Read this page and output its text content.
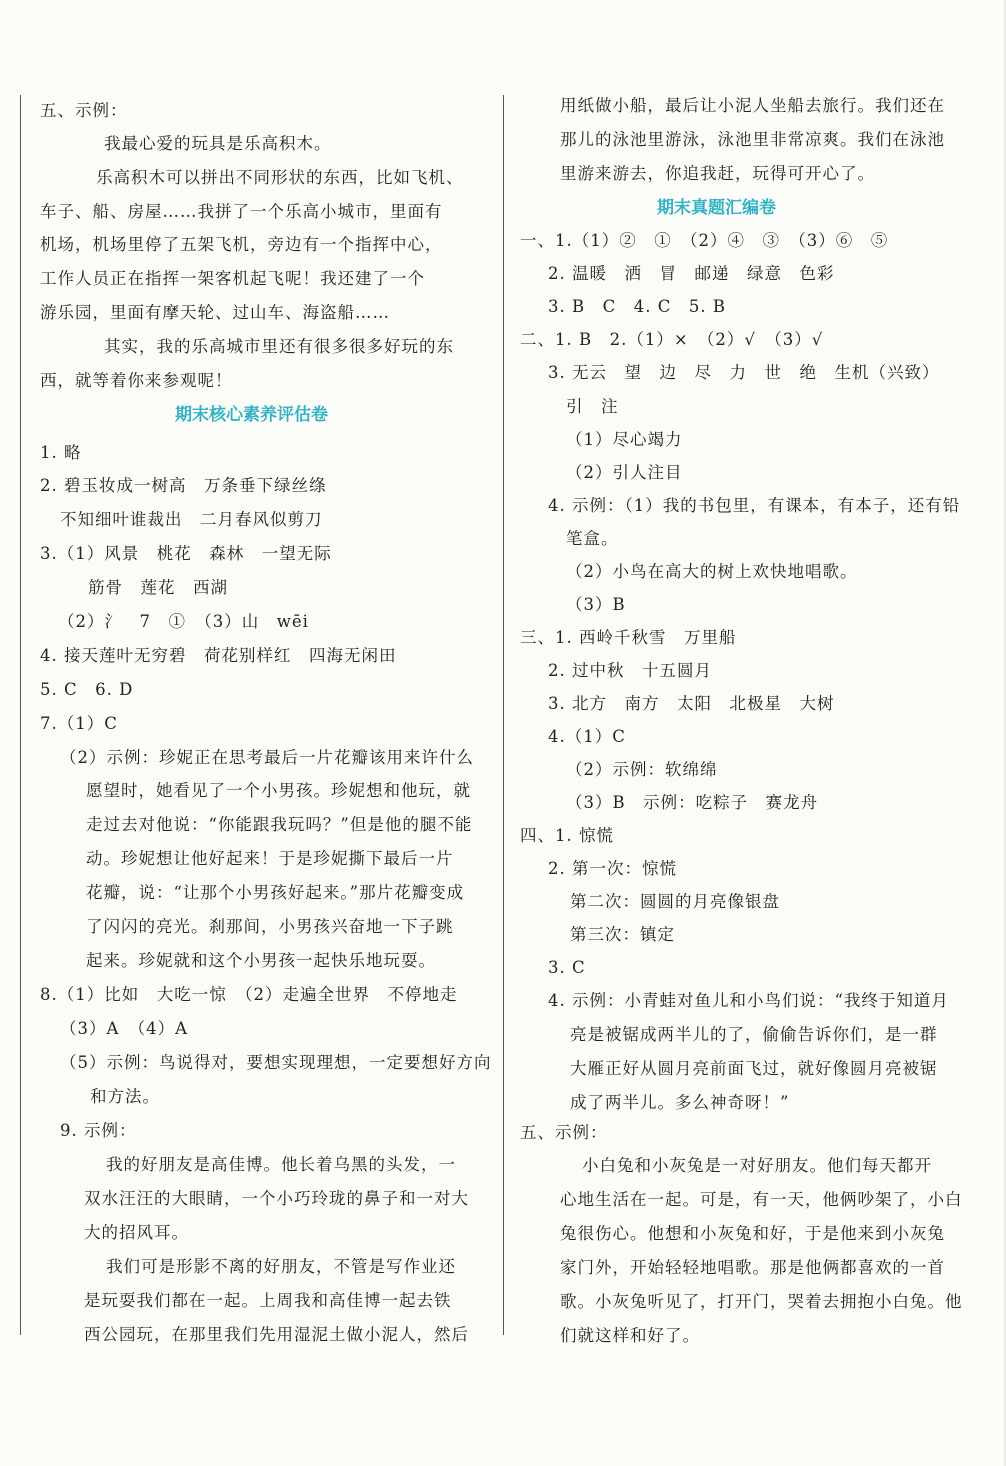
五、示例：
我最心爱的玩具是乐高积木。
乐高积木可以拼出不同形状的东西，比如飞机、
车子、船、房屋……我拼了一个乐高小城市，里面有
机场，机场里停了五架飞机，旁边有一个指挥中心，
工作人员正在指挥一架客机起飞呢！我还建了一个
游乐园，里面有摩天轮、过山车、海盗船……
其实，我的乐高城市里还有很多很多好玩的东
西，就等着你来参观呢！
期末核心素养评估卷
1. 略
2. 碧玉妆成一树高　万条垂下绿丝绦
不知细叶谁裁出　二月春风似剪刀
3.（1）风景　桃花　森林　一望无际
筋骨　莲花　西湖
（2）氵　7　①　（3）山　wēi
4. 接天莲叶无穷碧　荷花别样红　四海无闲田
5. C　6. D
7.（1）C
（2）示例：珍妮正在思考最后一片花瓣该用来许什么
愿望时，她看见了一个小男孩。珍妮想和他玩，就
走过去对他说：“你能跟我玩吗？”但是他的腿不能
动。珍妮想让他好起来！于是珍妮撕下最后一片
花瓣，说：“让那个小男孩好起来。”那片花瓣变成
了闪闪的亮光。刹那间，小男孩兴奋地一下子跳
起来。珍妮就和这个小男孩一起快乐地玩耍。
8.（1）比如　大吃一惊　（2）走遍全世界　不停地走
（3）A　（4）A
（5）示例：鸟说得对，要想实现理想，一定要想好方向
和方法。
9. 示例：
我的好朋友是高佳博。他长着乌黑的头发，一
双水汪汪的大眼睛，一个小巧玲珑的鼻子和一对大
大的招风耳。
我们可是形影不离的好朋友，不管是写作业还
是玩耍我们都在一起。上周我和高佳博一起去铁
西公园玩，在那里我们先用湿泥土做小泥人，然后
用纸做小船，最后让小泥人坐船去旅行。我们还在
那儿的泳池里游泳，泳池里非常凉爽。我们在泳池
里游来游去，你追我赶，玩得可开心了。
期末真题汇编卷
一、1.（1）②　①　（2）④　③　（3）⑥　⑤
2. 温暖　洒　冒　邮递　绿意　色彩
3. B　C　4. C　5. B
二、1. B　2.（1）×　（2）√　（3）√
3. 无云　望　边　尽　力　世　绝　生机（兴致）
引　注
（1）尽心竭力
（2）引人注目
4. 示例：（1）我的书包里，有课本，有本子，还有铅
笔盒。
（2）小鸟在高大的树上欢快地唱歌。
（3）B
三、1. 西岭千秋雪　万里船
2. 过中秋　十五圆月
3. 北方　南方　太阳　北极星　大树
4.（1）C
（2）示例：软绵绵
（3）B　示例：吃粽子　赛龙舟
四、1. 惊慌
2. 第一次：惊慌
第二次：圆圆的月亮像银盘
第三次：镇定
3. C
4. 示例：小青蛙对鱼儿和小鸟们说：“我终于知道月
亮是被锯成两半儿的了，偷偷告诉你们，是一群
大雁正好从圆月亮前面飞过，就好像圆月亮被锯
成了两半儿。多么神奇呀！”
五、示例：
小白兔和小灰兔是一对好朋友。他们每天都开
心地生活在一起。可是，有一天，他俩吵架了，小白
兔很伤心。他想和小灰兔和好，于是他来到小灰兔
家门外，开始轻轻地唱歌。那是他俩都喜欢的一首
歌。小灰兔听见了，打开门，哭着去拥抱小白兔。他
们就这样和好了。
